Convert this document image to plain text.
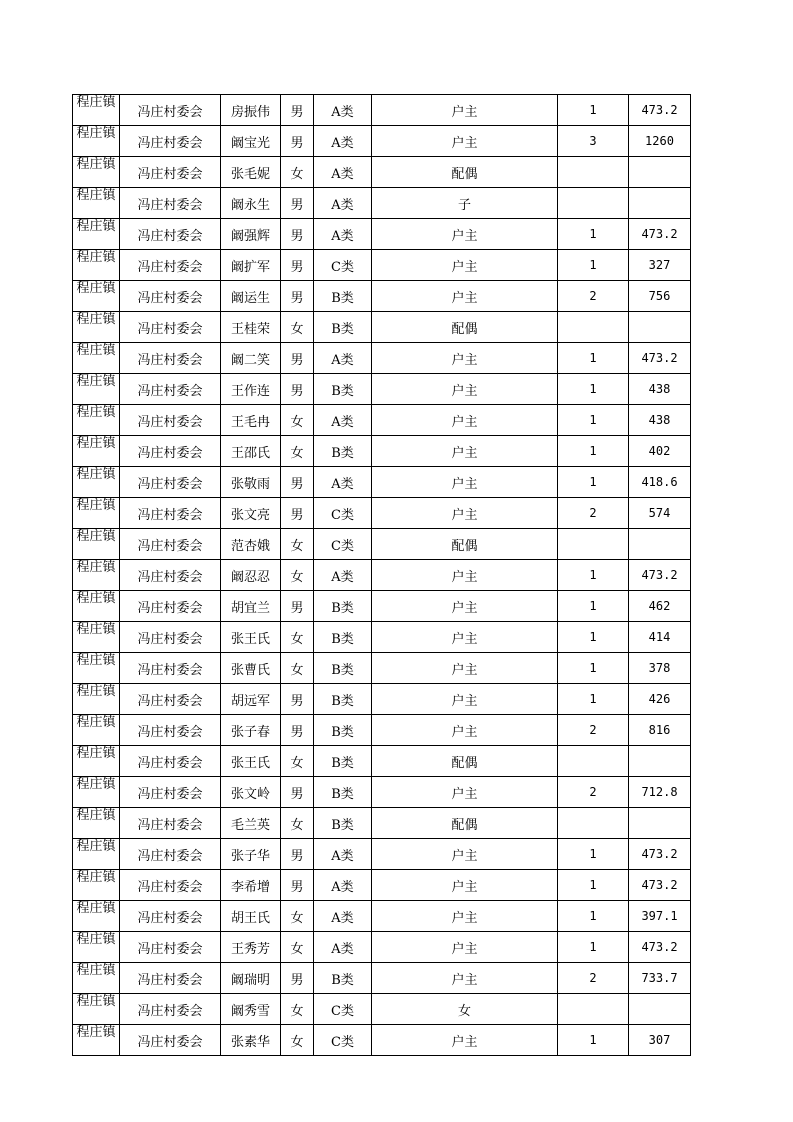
程庄镇	冯庄村委会	房振伟	男	A类	户主	1	473.2
程庄镇	冯庄村委会	阚宝光	男	A类	户主	3	1260
程庄镇	冯庄村委会	张毛妮	女	A类	配偶		
程庄镇	冯庄村委会	阚永生	男	A类	子		
程庄镇	冯庄村委会	阚强辉	男	A类	户主	1	473.2
程庄镇	冯庄村委会	阚扩军	男	C类	户主	1	327
程庄镇	冯庄村委会	阚运生	男	B类	户主	2	756
程庄镇	冯庄村委会	王桂荣	女	B类	配偶		
程庄镇	冯庄村委会	阚二笑	男	A类	户主	1	473.2
程庄镇	冯庄村委会	王作连	男	B类	户主	1	438
程庄镇	冯庄村委会	王毛冉	女	A类	户主	1	438
程庄镇	冯庄村委会	王邵氏	女	B类	户主	1	402
程庄镇	冯庄村委会	张敬雨	男	A类	户主	1	418.6
程庄镇	冯庄村委会	张文亮	男	C类	户主	2	574
程庄镇	冯庄村委会	范杏娥	女	C类	配偶		
程庄镇	冯庄村委会	阚忍忍	女	A类	户主	1	473.2
程庄镇	冯庄村委会	胡宜兰	男	B类	户主	1	462
程庄镇	冯庄村委会	张王氏	女	B类	户主	1	414
程庄镇	冯庄村委会	张曹氏	女	B类	户主	1	378
程庄镇	冯庄村委会	胡远军	男	B类	户主	1	426
程庄镇	冯庄村委会	张子春	男	B类	户主	2	816
程庄镇	冯庄村委会	张王氏	女	B类	配偶		
程庄镇	冯庄村委会	张文岭	男	B类	户主	2	712.8
程庄镇	冯庄村委会	毛兰英	女	B类	配偶		
程庄镇	冯庄村委会	张子华	男	A类	户主	1	473.2
程庄镇	冯庄村委会	李希增	男	A类	户主	1	473.2
程庄镇	冯庄村委会	胡王氏	女	A类	户主	1	397.1
程庄镇	冯庄村委会	王秀芳	女	A类	户主	1	473.2
程庄镇	冯庄村委会	阚瑞明	男	B类	户主	2	733.7
程庄镇	冯庄村委会	阚秀雪	女	C类	女		
程庄镇	冯庄村委会	张素华	女	C类	户主	1	307
